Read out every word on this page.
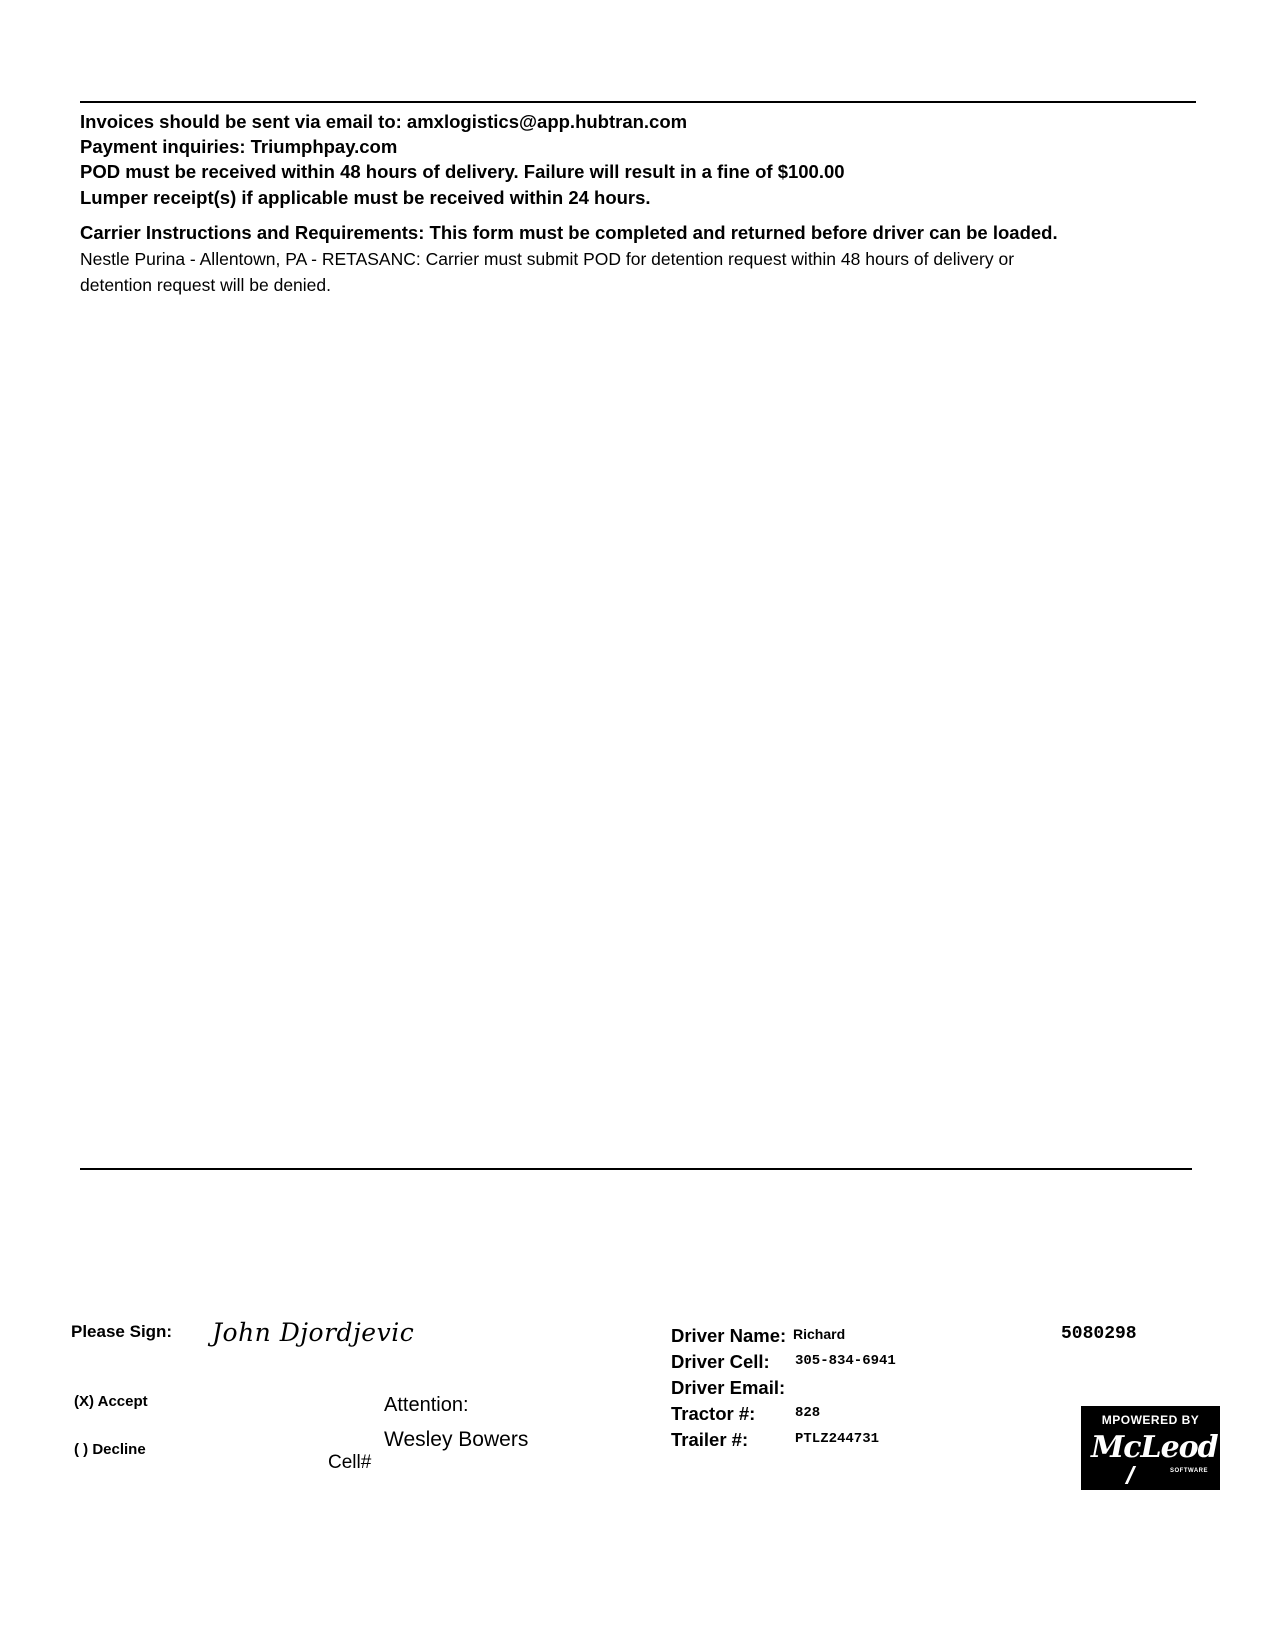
Invoices should be sent via email to: amxlogistics@app.hubtran.com
Payment inquiries: Triumphpay.com
POD must be received within 48 hours of delivery. Failure will result in a fine of $100.00
Lumper receipt(s) if applicable must be received within 24 hours.
Carrier Instructions and Requirements: This form must be completed and returned before driver can be loaded.
Nestle Purina - Allentown, PA - RETASANC: Carrier must submit POD for detention request within 48 hours of delivery or detention request will be denied.
Please Sign: John Djordjevic
(X) Accept
( ) Decline
Attention:
Wesley Bowers
Cell#
Driver Name: Richard
Driver Cell: 305-834-6941
Driver Email:
Tractor #:	828
Trailer #:	PTLZ244731
5080298
MPOWERED BY
McLeod
SOFTWARE
